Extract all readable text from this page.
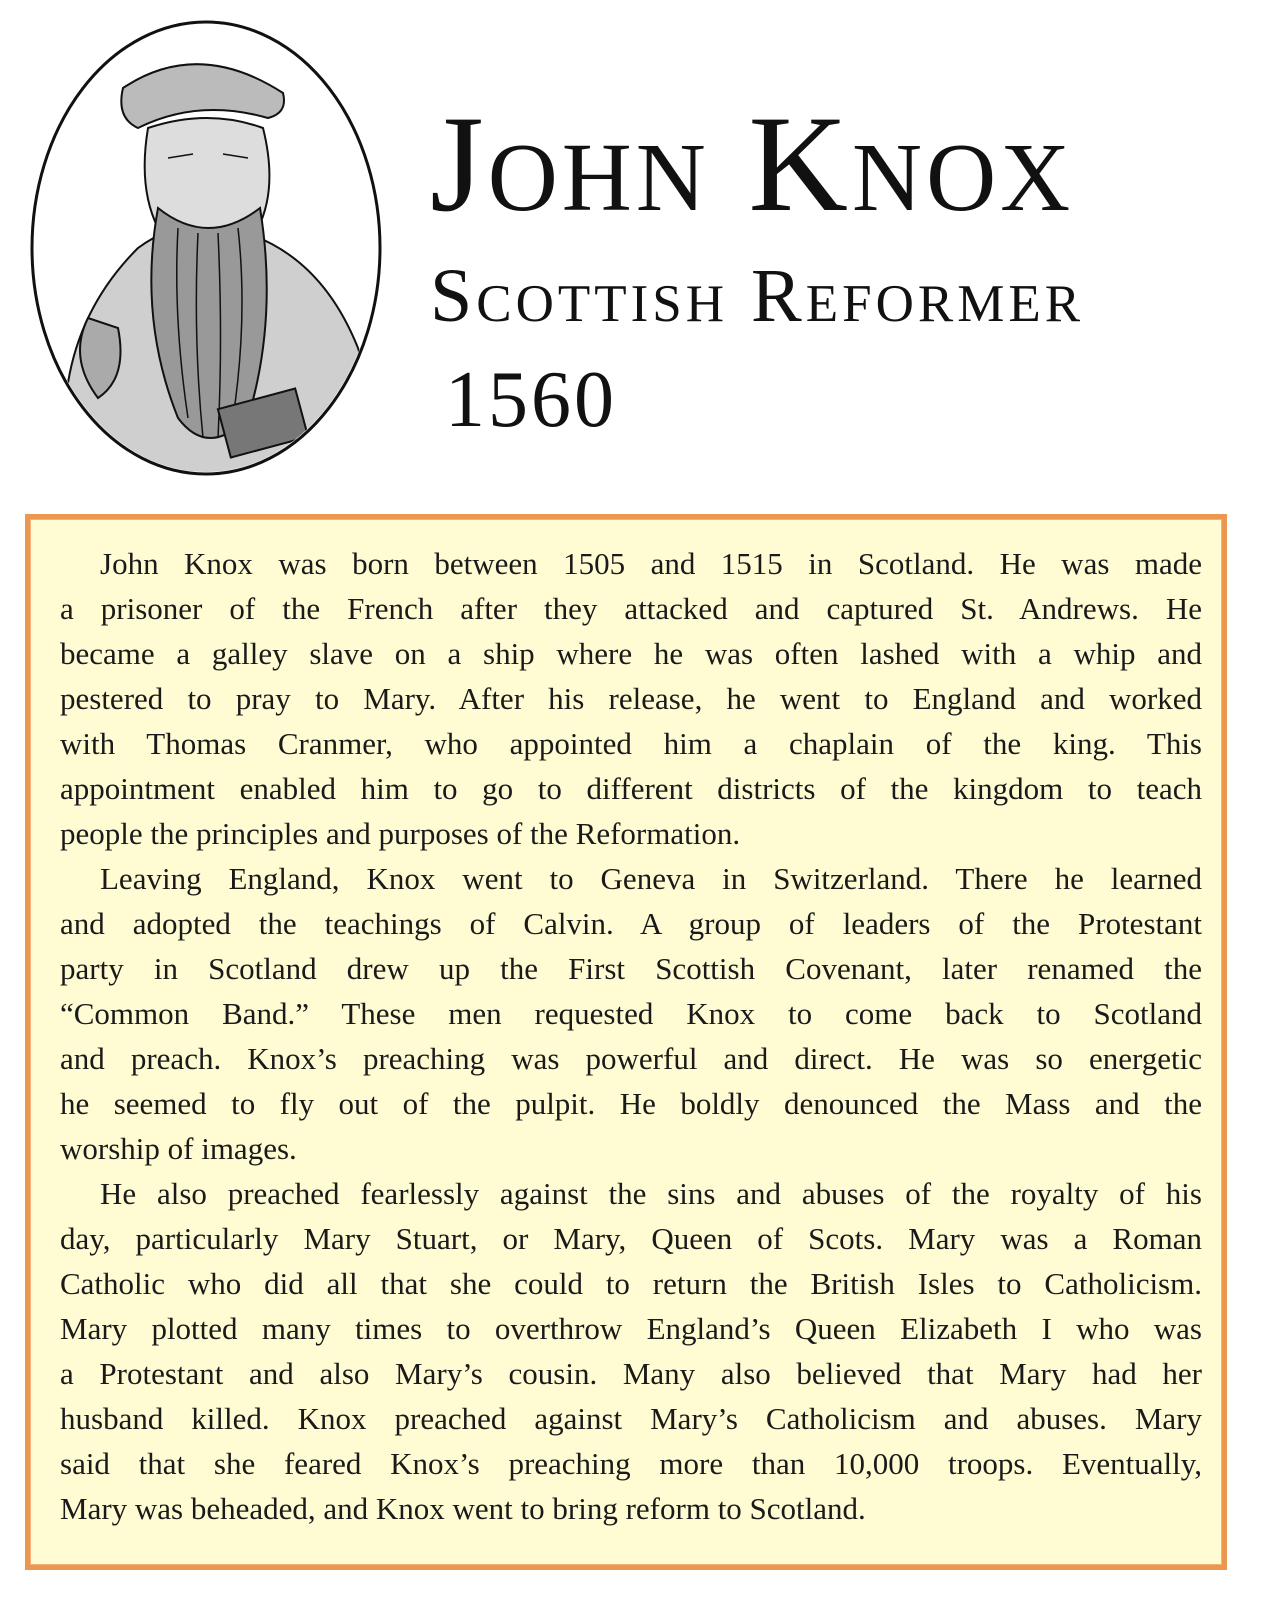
John Knox
Scottish Reformer
1560
John Knox was born between 1505 and 1515 in Scotland. He was made
a prisoner of the French after they attacked and captured St. Andrews. He
became a galley slave on a ship where he was often lashed with a whip and
pestered to pray to Mary. After his release, he went to England and worked
with Thomas Cranmer, who appointed him a chaplain of the king. This
appointment enabled him to go to different districts of the kingdom to teach
people the principles and purposes of the Reformation.
Leaving England, Knox went to Geneva in Switzerland. There he learned
and adopted the teachings of Calvin. A group of leaders of the Protestant
party in Scotland drew up the First Scottish Covenant, later renamed the
“Common Band.” These men requested Knox to come back to Scotland
and preach. Knox’s preaching was powerful and direct. He was so energetic
he seemed to fly out of the pulpit. He boldly denounced the Mass and the
worship of images.
He also preached fearlessly against the sins and abuses of the royalty of his
day, particularly Mary Stuart, or Mary, Queen of Scots. Mary was a Roman
Catholic who did all that she could to return the British Isles to Catholicism.
Mary plotted many times to overthrow England’s Queen Elizabeth I who was
a Protestant and also Mary’s cousin. Many also believed that Mary had her
husband killed. Knox preached against Mary’s Catholicism and abuses. Mary
said that she feared Knox’s preaching more than 10,000 troops. Eventually,
Mary was beheaded, and Knox went to bring reform to Scotland.
